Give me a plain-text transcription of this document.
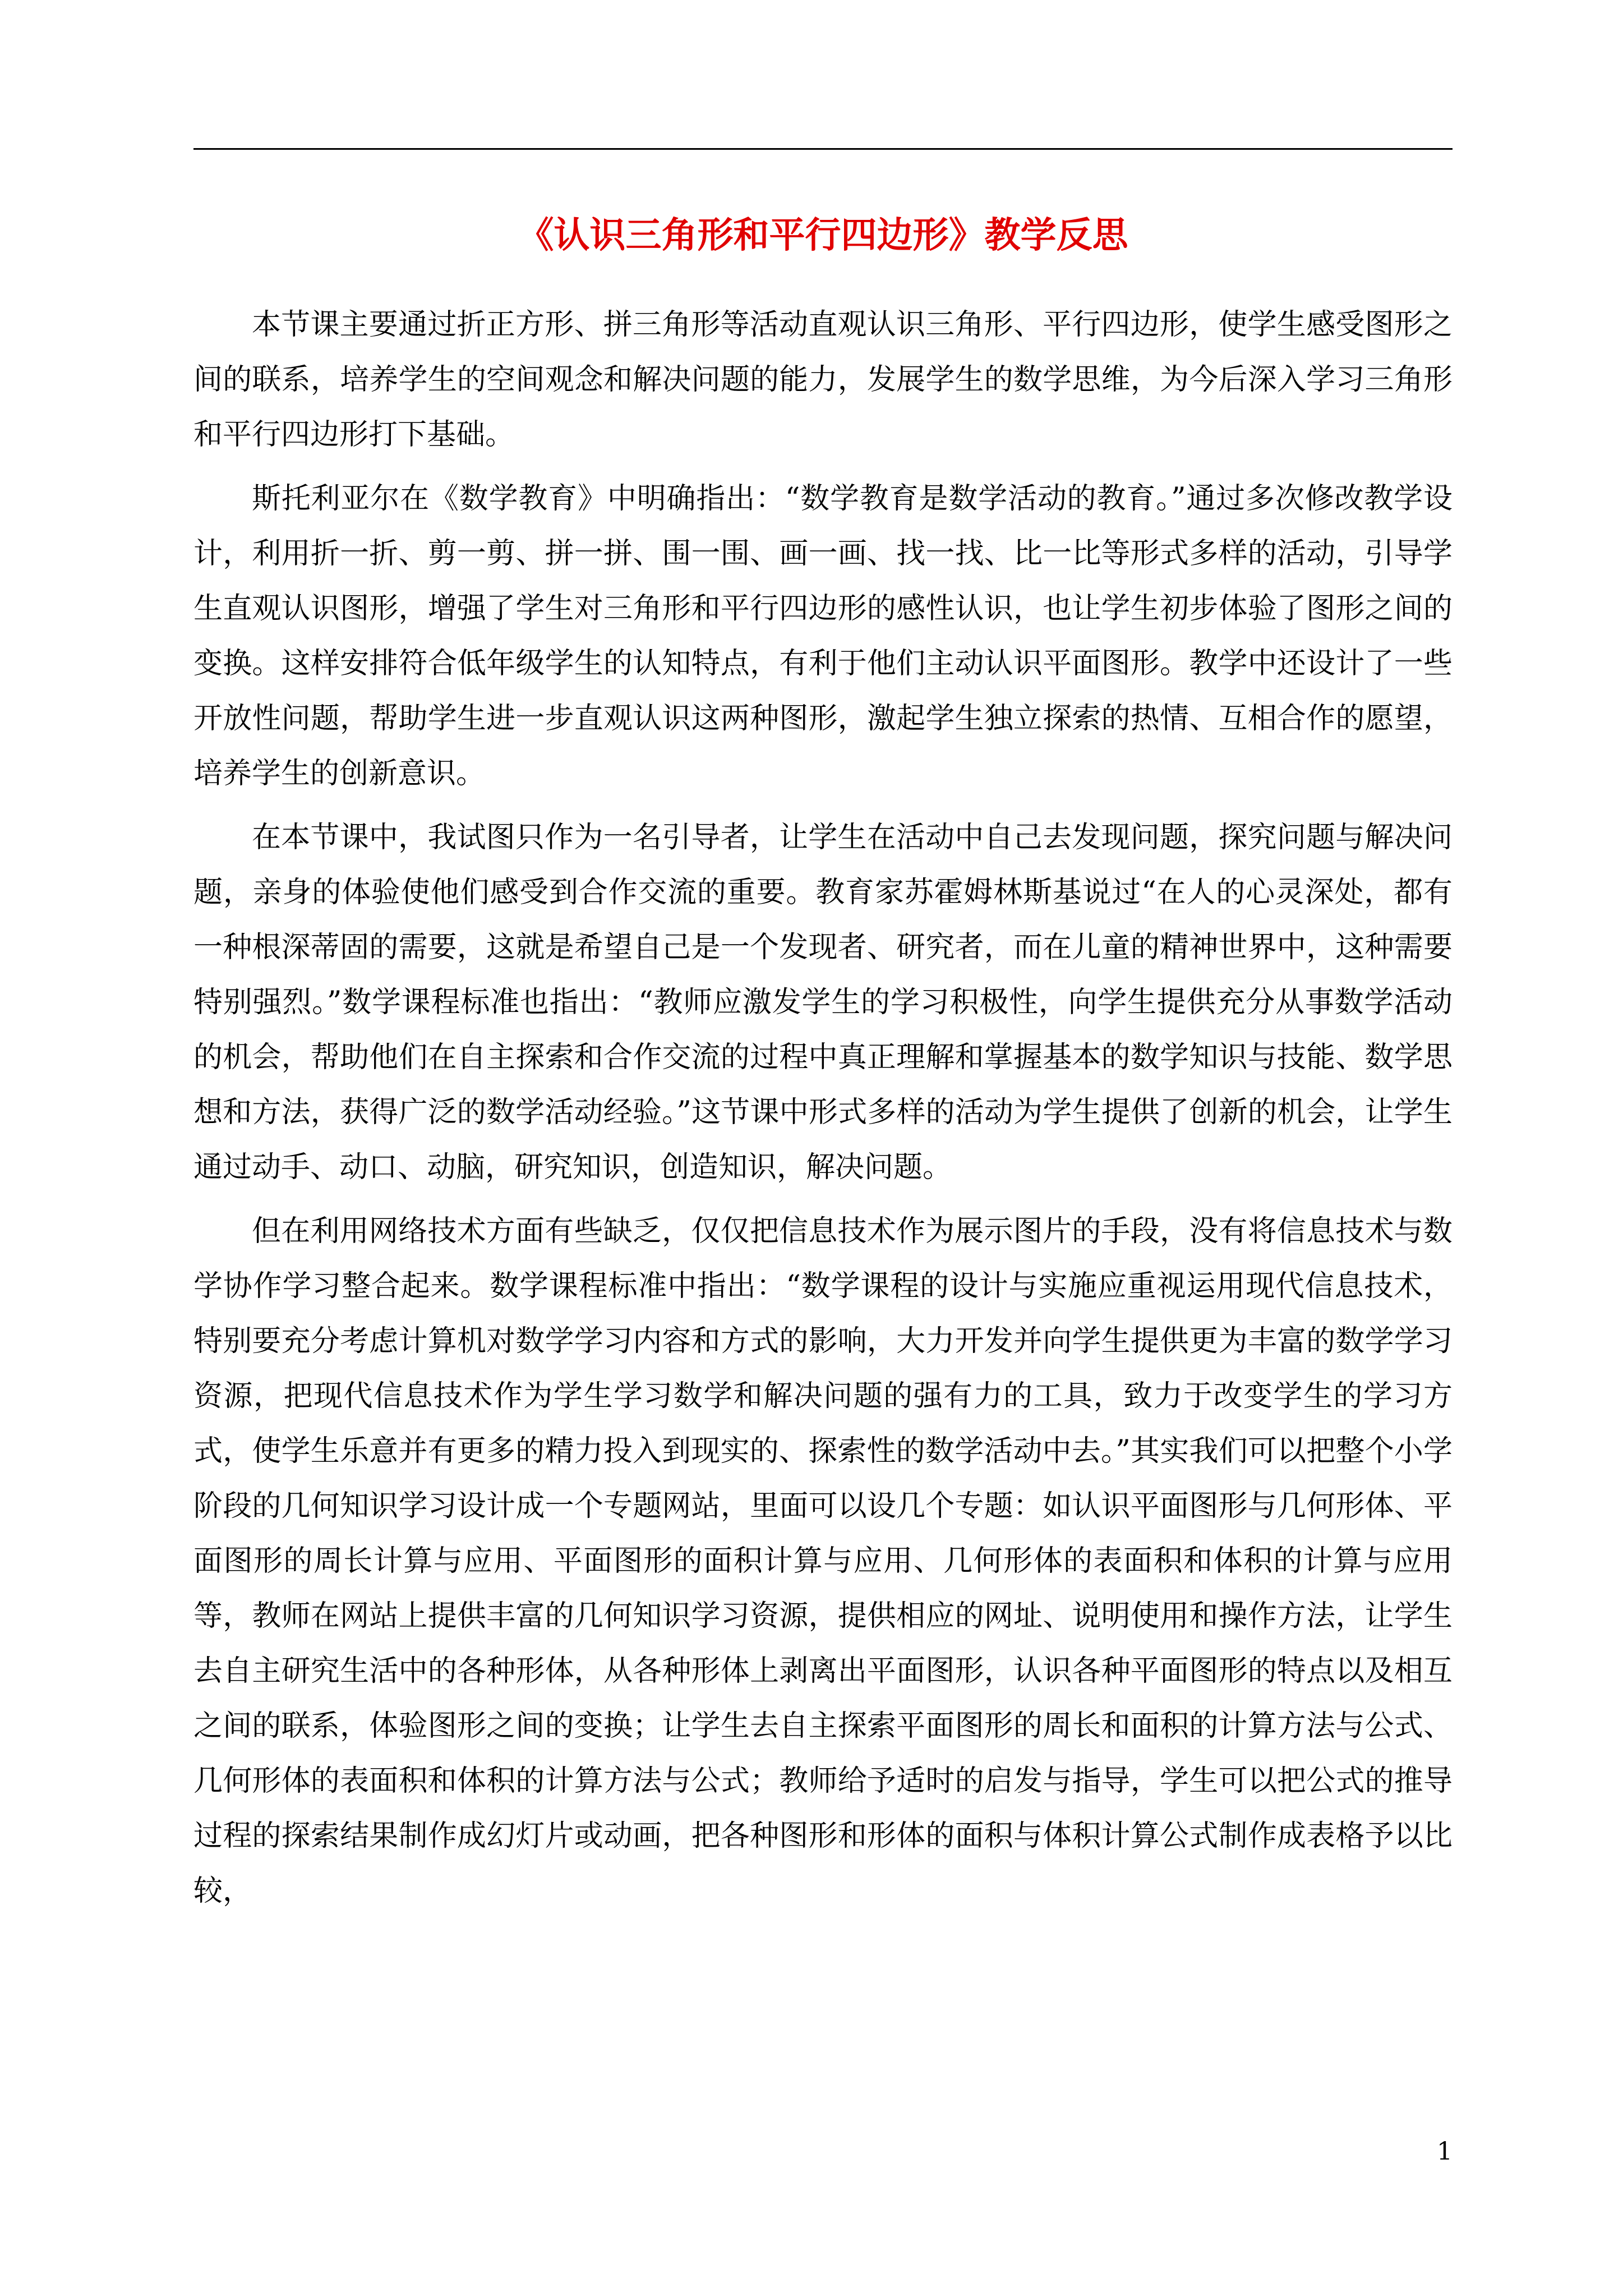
《认识三角形和平行四边形》教学反思

本节课主要通过折正方形、拼三角形等活动直观认识三角形、平行四边形，使学生感受图形之间的联系，培养学生的空间观念和解决问题的能力，发展学生的数学思维，为今后深入学习三角形和平行四边形打下基础。

斯托利亚尔在《数学教育》中明确指出：“数学教育是数学活动的教育。”通过多次修改教学设计，利用折一折、剪一剪、拼一拼、围一围、画一画、找一找、比一比等形式多样的活动，引导学生直观认识图形，增强了学生对三角形和平行四边形的感性认识，也让学生初步体验了图形之间的变换。这样安排符合低年级学生的认知特点，有利于他们主动认识平面图形。教学中还设计了一些开放性问题，帮助学生进一步直观认识这两种图形，激起学生独立探索的热情、互相合作的愿望，培养学生的创新意识。

在本节课中，我试图只作为一名引导者，让学生在活动中自己去发现问题，探究问题与解决问题，亲身的体验使他们感受到合作交流的重要。教育家苏霍姆林斯基说过“在人的心灵深处，都有一种根深蒂固的需要，这就是希望自己是一个发现者、研究者，而在儿童的精神世界中，这种需要特别强烈。”数学课程标准也指出：“教师应激发学生的学习积极性，向学生提供充分从事数学活动的机会，帮助他们在自主探索和合作交流的过程中真正理解和掌握基本的数学知识与技能、数学思想和方法，获得广泛的数学活动经验。”这节课中形式多样的活动为学生提供了创新的机会，让学生通过动手、动口、动脑，研究知识，创造知识，解决问题。

但在利用网络技术方面有些缺乏，仅仅把信息技术作为展示图片的手段，没有将信息技术与数学协作学习整合起来。数学课程标准中指出：“数学课程的设计与实施应重视运用现代信息技术，特别要充分考虑计算机对数学学习内容和方式的影响，大力开发并向学生提供更为丰富的数学学习资源，把现代信息技术作为学生学习数学和解决问题的强有力的工具，致力于改变学生的学习方式，使学生乐意并有更多的精力投入到现实的、探索性的数学活动中去。”其实我们可以把整个小学阶段的几何知识学习设计成一个专题网站，里面可以设几个专题：如认识平面图形与几何形体、平面图形的周长计算与应用、平面图形的面积计算与应用、几何形体的表面积和体积的计算与应用等，教师在网站上提供丰富的几何知识学习资源，提供相应的网址、说明使用和操作方法，让学生去自主研究生活中的各种形体，从各种形体上剥离出平面图形，认识各种平面图形的特点以及相互之间的联系，体验图形之间的变换；让学生去自主探索平面图形的周长和面积的计算方法与公式、几何形体的表面积和体积的计算方法与公式；教师给予适时的启发与指导，学生可以把公式的推导过程的探索结果制作成幻灯片或动画，把各种图形和形体的面积与体积计算公式制作成表格予以比较，

1
